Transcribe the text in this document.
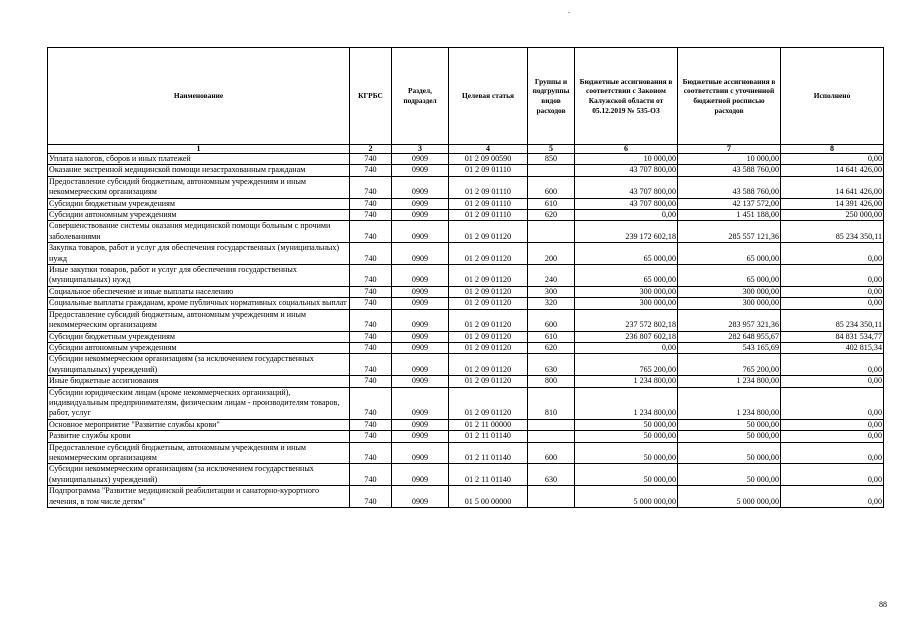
-
Наименование	КГРБС	Раздел, подраздел	Целевая статья	Группы и подгруппы видов расходов	Бюджетные ассигнования в соответствии с Законом Калужской области от 05.12.2019 № 535-ОЗ	Бюджетные ассигнования в соответствии с уточненной бюджетной росписью расходов	Исполнено
1	2	3	4	5	6	7	8
Уплата налогов, сборов и иных платежей	740	0909	01 2 09 00590	850	10 000,00	10 000,00	0,00
Оказание экстренной медицинской помощи незастрахованным гражданам	740	0909	01 2 09 01110		43 707 800,00	43 588 760,00	14 641 426,00
Предоставление субсидий бюджетным, автономным учреждениям и иным некоммерческим организациям	740	0909	01 2 09 01110	600	43 707 800,00	43 588 760,00	14 641 426,00
Субсидии бюджетным учреждениям	740	0909	01 2 09 01110	610	43 707 800,00	42 137 572,00	14 391 426,00
Субсидии автономным учреждениям	740	0909	01 2 09 01110	620	0,00	1 451 188,00	250 000,00
Совершенствование системы оказания медицинской помощи больным с прочими заболеваниями	740	0909	01 2 09 01120		239 172 602,18	285 557 121,36	85 234 350,11
Закупка товаров, работ и услуг для обеспечения государственных (муниципальных) нужд	740	0909	01 2 09 01120	200	65 000,00	65 000,00	0,00
Иные закупки товаров, работ и услуг для обеспечения государственных (муниципальных) нужд	740	0909	01 2 09 01120	240	65 000,00	65 000,00	0,00
Социальное обеспечение и иные выплаты населению	740	0909	01 2 09 01120	300	300 000,00	300 000,00	0,00
Социальные выплаты гражданам, кроме публичных нормативных социальных выплат	740	0909	01 2 09 01120	320	300 000,00	300 000,00	0,00
Предоставление субсидий бюджетным, автономным учреждениям и иным некоммерческим организациям	740	0909	01 2 09 01120	600	237 572 802,18	283 957 321,36	85 234 350,11
Субсидии бюджетным учреждениям	740	0909	01 2 09 01120	610	236 807 602,18	282 648 955,67	84 831 534,77
Субсидии автономным учреждениям	740	0909	01 2 09 01120	620	0,00	543 165,69	402 815,34
Субсидии некоммерческим организациям (за исключением государственных (муниципальных) учреждений)	740	0909	01 2 09 01120	630	765 200,00	765 200,00	0,00
Иные бюджетные ассигнования	740	0909	01 2 09 01120	800	1 234 800,00	1 234 800,00	0,00
Субсидии юридическим лицам (кроме некоммерческих организаций), индивидуальным предпринимателям, физическим лицам - производителям товаров, работ, услуг	740	0909	01 2 09 01120	810	1 234 800,00	1 234 800,00	0,00
Основное мероприятие "Развитие службы крови"	740	0909	01 2 11 00000		50 000,00	50 000,00	0,00
Развитие службы крови	740	0909	01 2 11 01140		50 000,00	50 000,00	0,00
Предоставление субсидий бюджетным, автономным учреждениям и иным некоммерческим организациям	740	0909	01 2 11 01140	600	50 000,00	50 000,00	0,00
Субсидии некоммерческим организациям (за исключением государственных (муниципальных) учреждений)	740	0909	01 2 11 01140	630	50 000,00	50 000,00	0,00
Подпрограмма "Развитие медицинской реабилитации и санаторно-курортного лечения, в том числе детям"	740	0909	01 5 00 00000		5 000 000,00	5 000 000,00	0,00
88
